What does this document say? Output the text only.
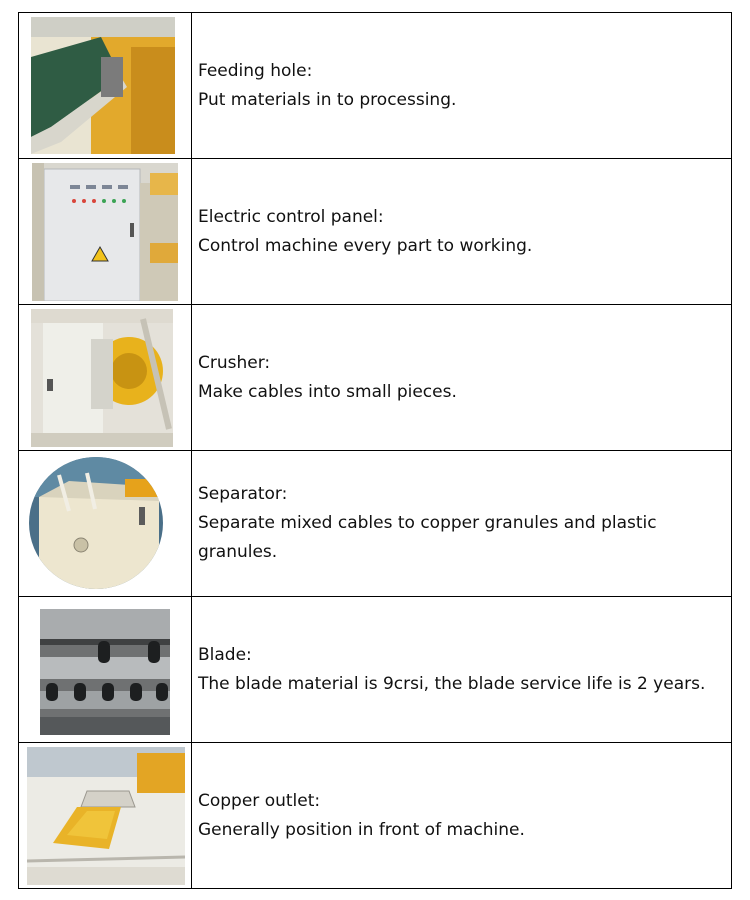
Feeding hole:

Put materials in to processing.

Electric control panel:

Control machine every part to working.

Crusher:

Make cables into small pieces.

Separator:

Separate mixed cables to copper granules and plastic granules.

Blade:

The blade material is 9crsi, the blade service life is 2 years.

Copper outlet:

Generally position in front of machine.
